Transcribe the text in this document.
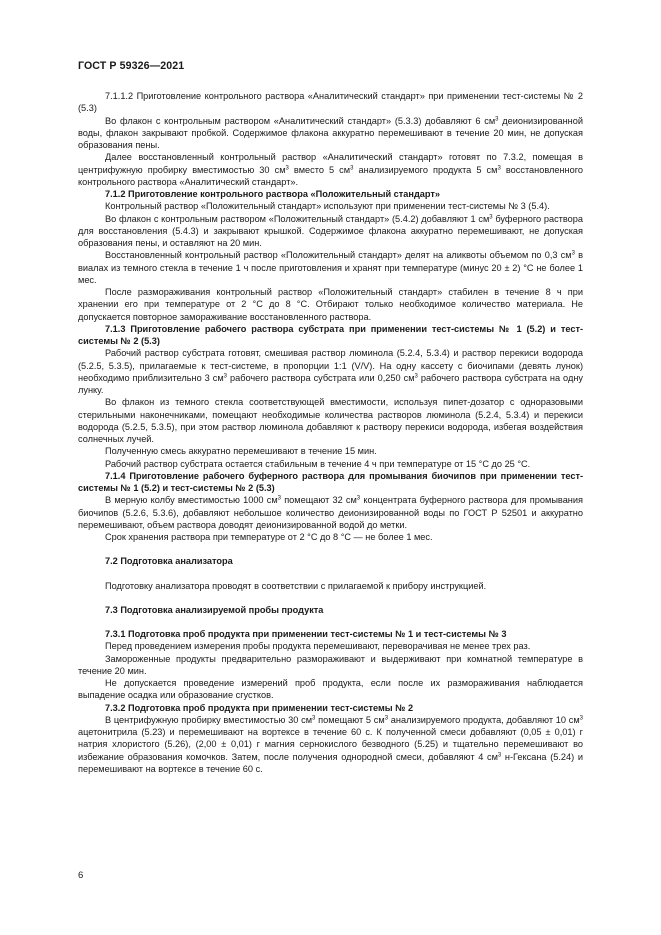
ГОСТ Р 59326—2021

7.1.1.2 Приготовление контрольного раствора «Аналитический стандарт» при применении тест-системы № 2 (5.3)

Во флакон с контрольным раствором «Аналитический стандарт» (5.3.3) добавляют 6 $см^3$ деионизированной воды, флакон закрывают пробкой. Содержимое флакона аккуратно перемешивают в течение 20 мин, не допуская образования пены.

Далее восстановленный контрольный раствор «Аналитический стандарт» готовят по 7.3.2, помещая в центрифужную пробирку вместимостью 30 $см^3$ вместо 5 $см^3$ анализируемого продукта 5 $см^3$ восстановленного контрольного раствора «Аналитический стандарт».

7.1.2 Приготовление контрольного раствора «Положительный стандарт»

Контрольный раствор «Положительный стандарт» используют при применении тест-системы № 3 (5.4).

Во флакон с контрольным раствором «Положительный стандарт» (5.4.2) добавляют 1 $см^3$ буферного раствора для восстановления (5.4.3) и закрывают крышкой. Содержимое флакона аккуратно перемешивают, не допуская образования пены, и оставляют на 20 мин.

Восстановленный контрольный раствор «Положительный стандарт» делят на аликвоты объемом по 0,3 $см^3$ в виалах из темного стекла в течение 1 ч после приготовления и хранят при температуре (минус 20 ± 2) °С не более 1 мес.

После размораживания контрольный раствор «Положительный стандарт» стабилен в течение 8 ч при хранении его при температуре от 2 °С до 8 °С. Отбирают только необходимое количество материала. Не допускается повторное замораживание восстановленного раствора.

7.1.3 Приготовление рабочего раствора субстрата при применении тест-системы № 1 (5.2) и тест-системы № 2 (5.3)

Рабочий раствор субстрата готовят, смешивая раствор люминола (5.2.4, 5.3.4) и раствор перекиси водорода (5.2.5, 5.3.5), прилагаемые к тест-системе, в пропорции 1:1 (V/V). На одну кассету с биочипами (девять лунок) необходимо приблизительно 3 $см^3$ рабочего раствора субстрата или 0,250 $см^3$ рабочего раствора субстрата на одну лунку.

Во флакон из темного стекла соответствующей вместимости, используя пипет-дозатор с одноразовыми стерильными наконечниками, помещают необходимые количества растворов люминола (5.2.4, 5.3.4) и перекиси водорода (5.2.5, 5.3.5), при этом раствор люминола добавляют к раствору перекиси водорода, избегая воздействия солнечных лучей.

Полученную смесь аккуратно перемешивают в течение 15 мин.

Рабочий раствор субстрата остается стабильным в течение 4 ч при температуре от 15 °С до 25 °С.

7.1.4 Приготовление рабочего буферного раствора для промывания биочипов при применении тест-системы № 1 (5.2) и тест-системы № 2 (5.3)

В мерную колбу вместимостью 1000 $см^3$ помещают 32 $см^3$ концентрата буферного раствора для промывания биочипов (5.2.6, 5.3.6), добавляют небольшое количество деионизированной воды по ГОСТ Р 52501 и аккуратно перемешивают, объем раствора доводят деионизированной водой до метки.

Срок хранения раствора при температуре от 2 °С до 8 °С — не более 1 мес.

7.2 Подготовка анализатора

Подготовку анализатора проводят в соответствии с прилагаемой к прибору инструкцией.

7.3 Подготовка анализируемой пробы продукта

7.3.1 Подготовка проб продукта при применении тест-системы № 1 и тест-системы № 3

Перед проведением измерения пробы продукта перемешивают, переворачивая не менее трех раз.

Замороженные продукты предварительно размораживают и выдерживают при комнатной температуре в течение 20 мин.

Не допускается проведение измерений проб продукта, если после их размораживания наблюдается выпадение осадка или образование сгустков.

7.3.2 Подготовка проб продукта при применении тест-системы № 2

В центрифужную пробирку вместимостью 30 $см^3$ помещают 5 $см^3$ анализируемого продукта, добавляют 10 $см^3$ ацетонитрила (5.23) и перемешивают на вортексе в течение 60 с. К полученной смеси добавляют (0,05 ± 0,01) г натрия хлористого (5.26), (2,00 ± 0,01) г магния сернокислого безводного (5.25) и тщательно перемешивают во избежание образования комочков. Затем, после получения однородной смеси, добавляют 4 $см^3$ н-Гексана (5.24) и перемешивают на вортексе в течение 60 с.

6
